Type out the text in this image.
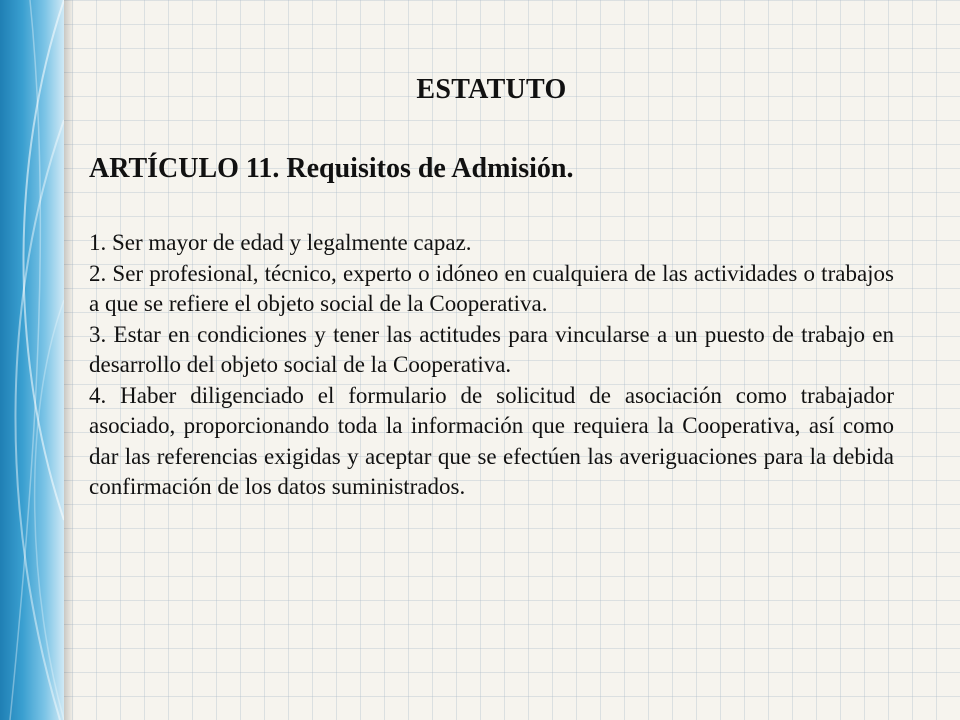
ESTATUTO
ARTÍCULO 11. Requisitos de Admisión.
1. Ser mayor de edad y legalmente capaz.
2. Ser profesional, técnico, experto o idóneo en cualquiera de las actividades o trabajos a que se refiere el objeto social de la Cooperativa.
3. Estar en condiciones y tener las actitudes para vincularse a un puesto de trabajo en desarrollo del objeto social de la Cooperativa.
4. Haber diligenciado el formulario de solicitud de asociación como trabajador asociado, proporcionando toda la información que requiera la Cooperativa, así como dar las referencias exigidas y aceptar que se efectúen las averiguaciones para la debida confirmación de los datos suministrados.
